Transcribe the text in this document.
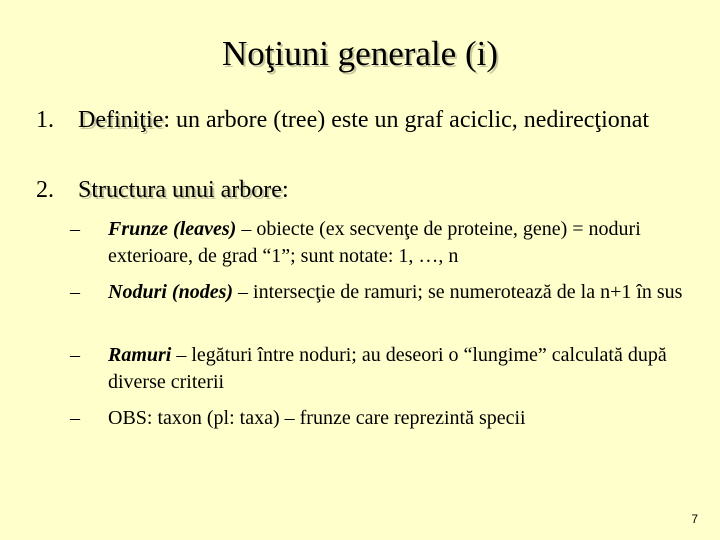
Noţiuni generale (i)
1.	Definiţie: un arbore (tree) este un graf aciclic, nedirecţionat
2.	Structura unui arbore:
– Frunze (leaves) – obiecte (ex secvenţe de proteine, gene) = noduri exterioare, de grad “1”; sunt notate: 1, …, n
– Noduri (nodes) – intersecţie de ramuri; se numerotează de la n+1 în sus
– Ramuri – legături între noduri; au deseori o “lungime” calculată după diverse criterii
– OBS: taxon (pl: taxa) – frunze care reprezintă specii
7
